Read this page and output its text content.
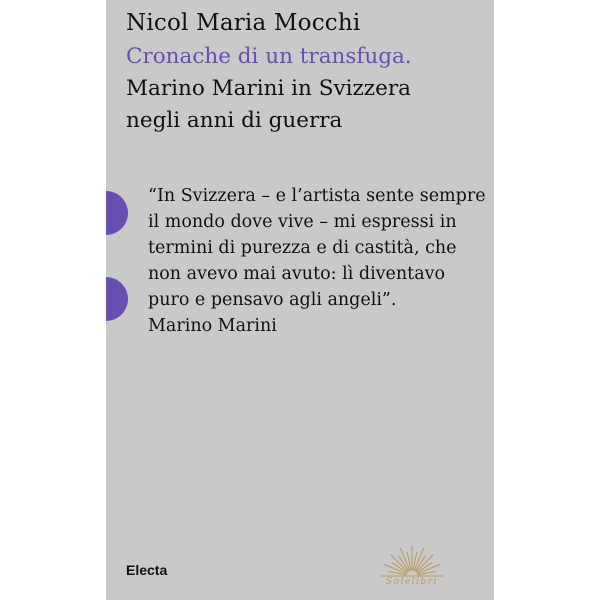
Nicol Maria Mocchi
Cronache di un transfuga.
Marino Marini in Svizzera
negli anni di guerra
“In Svizzera – e l’artista sente sempre
il mondo dove vive – mi espressi in
termini di purezza e di castità, che
non avevo mai avuto: lì diventavo
puro e pensavo agli angeli”.
Marino Marini
Electa
Solelibri
